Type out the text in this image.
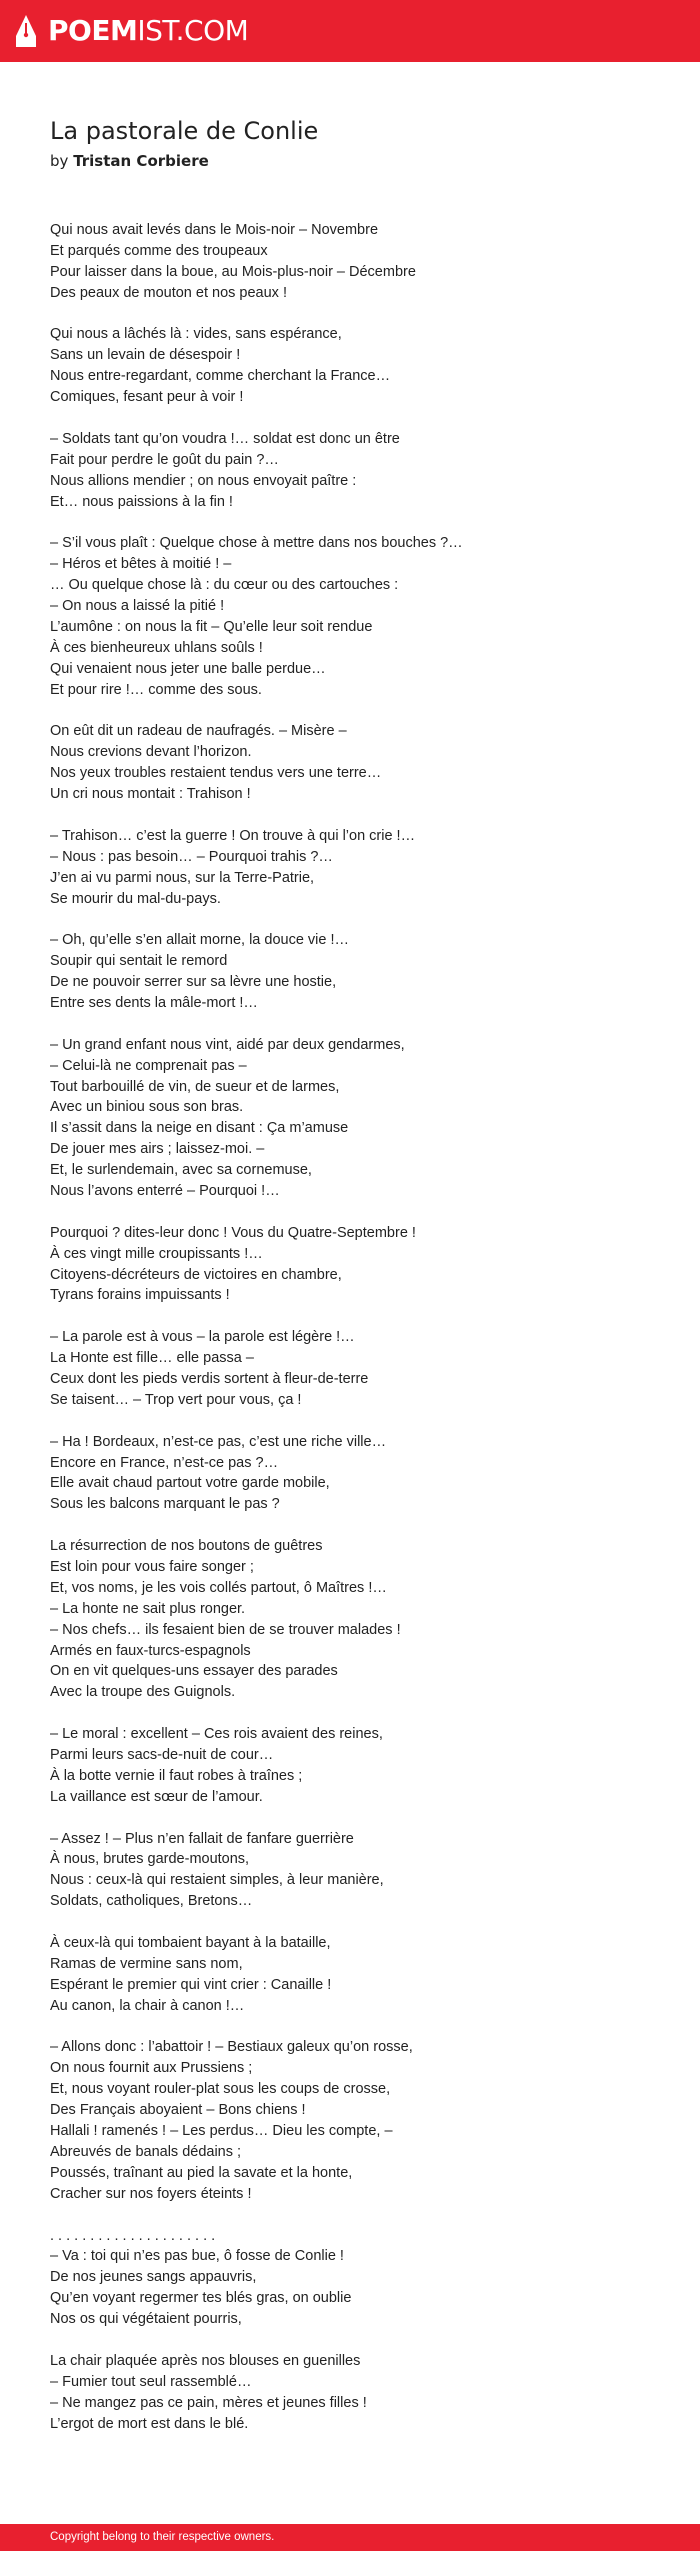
POEMIST.COM
La pastorale de Conlie
by Tristan Corbiere
Qui nous avait levés dans le Mois-noir – Novembre
Et parqués comme des troupeaux
Pour laisser dans la boue, au Mois-plus-noir – Décembre
Des peaux de mouton et nos peaux !
Qui nous a lâchés là : vides, sans espérance,
Sans un levain de désespoir !
Nous entre-regardant, comme cherchant la France…
Comiques, fesant peur à voir !
– Soldats tant qu’on voudra !… soldat est donc un être
Fait pour perdre le goût du pain ?…
Nous allions mendier ; on nous envoyait paître :
Et… nous paissions à la fin !
– S’il vous plaît : Quelque chose à mettre dans nos bouches ?…
– Héros et bêtes à moitié ! –
… Ou quelque chose là : du cœur ou des cartouches :
– On nous a laissé la pitié !
L’aumône : on nous la fit – Qu’elle leur soit rendue
À ces bienheureux uhlans soûls !
Qui venaient nous jeter une balle perdue…
Et pour rire !… comme des sous.
On eût dit un radeau de naufragés. – Misère –
Nous crevions devant l’horizon.
Nos yeux troubles restaient tendus vers une terre…
Un cri nous montait : Trahison !
– Trahison… c’est la guerre ! On trouve à qui l’on crie !…
– Nous : pas besoin… – Pourquoi trahis ?…
J’en ai vu parmi nous, sur la Terre-Patrie,
Se mourir du mal-du-pays.
– Oh, qu’elle s’en allait morne, la douce vie !…
Soupir qui sentait le remord
De ne pouvoir serrer sur sa lèvre une hostie,
Entre ses dents la mâle-mort !…
– Un grand enfant nous vint, aidé par deux gendarmes,
– Celui-là ne comprenait pas –
Tout barbouillé de vin, de sueur et de larmes,
Avec un biniou sous son bras.
Il s’assit dans la neige en disant : Ça m’amuse
De jouer mes airs ; laissez-moi. –
Et, le surlendemain, avec sa cornemuse,
Nous l’avons enterré – Pourquoi !…
Pourquoi ? dites-leur donc ! Vous du Quatre-Septembre !
À ces vingt mille croupissants !…
Citoyens-décréteurs de victoires en chambre,
Tyrans forains impuissants !
– La parole est à vous – la parole est légère !…
La Honte est fille… elle passa –
Ceux dont les pieds verdis sortent à fleur-de-terre
Se taisent… – Trop vert pour vous, ça !
– Ha ! Bordeaux, n’est-ce pas, c’est une riche ville…
Encore en France, n’est-ce pas ?…
Elle avait chaud partout votre garde mobile,
Sous les balcons marquant le pas ?
La résurrection de nos boutons de guêtres
Est loin pour vous faire songer ;
Et, vos noms, je les vois collés partout, ô Maîtres !…
– La honte ne sait plus ronger.
– Nos chefs… ils fesaient bien de se trouver malades !
Armés en faux-turcs-espagnols
On en vit quelques-uns essayer des parades
Avec la troupe des Guignols.
– Le moral : excellent – Ces rois avaient des reines,
Parmi leurs sacs-de-nuit de cour…
À la botte vernie il faut robes à traînes ;
La vaillance est sœur de l’amour.
– Assez ! – Plus n’en fallait de fanfare guerrière
À nous, brutes garde-moutons,
Nous : ceux-là qui restaient simples, à leur manière,
Soldats, catholiques, Bretons…
À ceux-là qui tombaient bayant à la bataille,
Ramas de vermine sans nom,
Espérant le premier qui vint crier : Canaille !
Au canon, la chair à canon !…
– Allons donc : l’abattoir ! – Bestiaux galeux qu’on rosse,
On nous fournit aux Prussiens ;
Et, nous voyant rouler-plat sous les coups de crosse,
Des Français aboyaient – Bons chiens !
Hallali ! ramenés ! – Les perdus… Dieu les compte, –
Abreuvés de banals dédains ;
Poussés, traînant au pied la savate et la honte,
Cracher sur nos foyers éteints !
. . . . . . . . . . . . . . . . . . . . .
– Va : toi qui n’es pas bue, ô fosse de Conlie !
De nos jeunes sangs appauvris,
Qu’en voyant regermer tes blés gras, on oublie
Nos os qui végétaient pourris,
La chair plaquée après nos blouses en guenilles
– Fumier tout seul rassemblé…
– Ne mangez pas ce pain, mères et jeunes filles !
L’ergot de mort est dans le blé.
Copyright belong to their respective owners.
